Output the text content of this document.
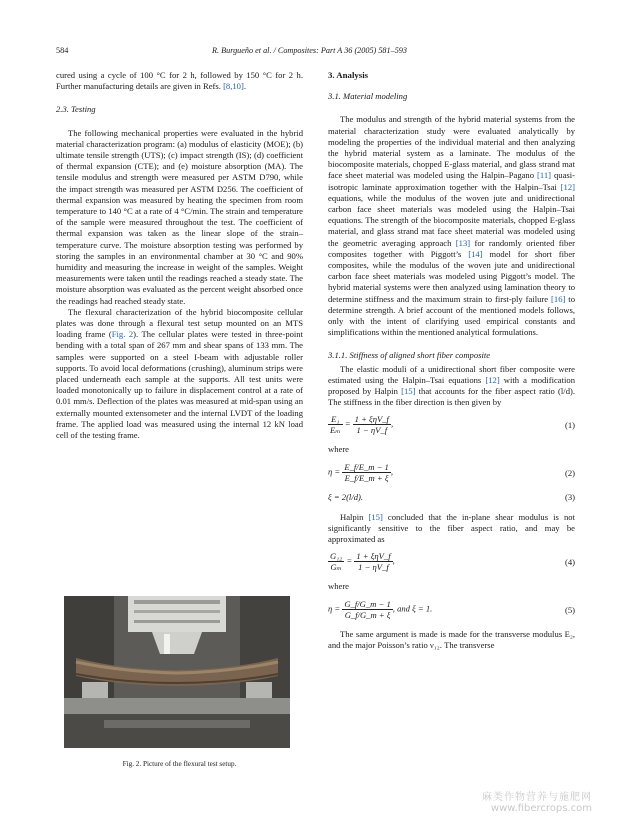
584	R. Burgueño et al. / Composites: Part A 36 (2005) 581–593

cured using a cycle of 100 °C for 2 h, followed by 150 °C for 2 h. Further manufacturing details are given in Refs. [8,10].

2.3. Testing

The following mechanical properties were evaluated in the hybrid material characterization program: (a) modulus of elasticity (MOE); (b) ultimate tensile strength (UTS); (c) impact strength (IS); (d) coefficient of thermal expansion (CTE); and (e) moisture absorption (MA). The tensile modulus and strength were measured per ASTM D790, while the impact strength was measured per ASTM D256. The coefficient of thermal expansion was measured by heating the specimen from room temperature to 140 °C at a rate of 4 °C/min. The strain and temperature of the sample were measured throughout the test. The coefficient of thermal expansion was taken as the linear slope of the strain–temperature curve. The moisture absorption testing was performed by storing the samples in an environmental chamber at 30 °C and 90% humidity and measuring the increase in weight of the samples. Weight measurements were taken until the readings reached a steady state. The moisture absorption was evaluated as the percent weight absorbed once the readings had reached steady state.

The flexural characterization of the hybrid biocomposite cellular plates was done through a flexural test setup mounted on an MTS loading frame (Fig. 2). The cellular plates were tested in three-point bending with a total span of 267 mm and shear spans of 133 mm. The samples were supported on a steel I-beam with adjustable roller supports. To avoid local deformations (crushing), aluminum strips were placed underneath each sample at the supports. All test units were loaded monotonically up to failure in displacement control at a rate of 0.01 mm/s. Deflection of the plates was measured at mid-span using an externally mounted extensometer and the internal LVDT of the loading frame. The applied load was measured using the internal 12 kN load cell of the testing frame.

Fig. 2. Picture of the flexural test setup.
3. Analysis
3.1. Material modeling

The modulus and strength of the hybrid material systems from the material characterization study were evaluated analytically by modeling the properties of the individual material and then analyzing the hybrid material system as a laminate. The modulus of the biocomposite materials, chopped E-glass material, and glass strand mat face sheet material was modeled using the Halpin–Pagano [11] quasi-isotropic laminate approximation together with the Halpin–Tsai [12] equations, while the modulus of the woven jute and unidirectional carbon face sheet materials was modeled using the Halpin–Tsai equations. The strength of the biocomposite materials, chopped E-glass material, and glass strand mat face sheet material was modeled using the geometric averaging approach [13] for randomly oriented fiber composites together with Piggott’s [14] model for short fiber composites, while the modulus of the woven jute and unidirectional carbon face sheet materials was modeled using Piggott’s model. The hybrid material systems were then analyzed using lamination theory to determine stiffness and the maximum strain to first-ply failure [16] to determine strength. A brief account of the mentioned models follows, only with the intent of clarifying used empirical constants and simplifications within the mentioned analytical formulations.

3.1.1. Stiffness of aligned short fiber composite

The elastic moduli of a unidirectional short fiber composite were estimated using the Halpin–Tsai equations [12] with a modification proposed by Halpin [15] that accounts for the fiber aspect ratio (l/d). The stiffness in the fiber direction is then given by

$\frac{\text{E₁}}{\text{Eₘ}} = \frac{\text{1 + ξηV\_f}}{1 - \eta V\_f}$ ,	(1)

where

$\eta = \frac{E\_f/E\_m - 1}{E\_f/E\_m + \xi}$ ,	(2)
ξ = 2(l/d).	(3)

Halpin [15] concluded that the in-plane shear modulus is not significantly sensitive to the fiber aspect ratio, and may be approximated as

$\frac{\text{G₁₂}}{\text{Gₘ}} = \frac{\text{1 + ξηV\_f}}{1 - \eta V\_f}$ ,	(4)

where

$\eta = \frac{G\_f/G\_m - 1}{G\_f/G\_m + \xi}$ , and ξ = 1.	(5)

The same argument is made is made for the transverse modulus E₂, and the major Poisson’s ratio ν₁₂. The transverse

麻类作物营养与施肥网
www.fibercrops.com
